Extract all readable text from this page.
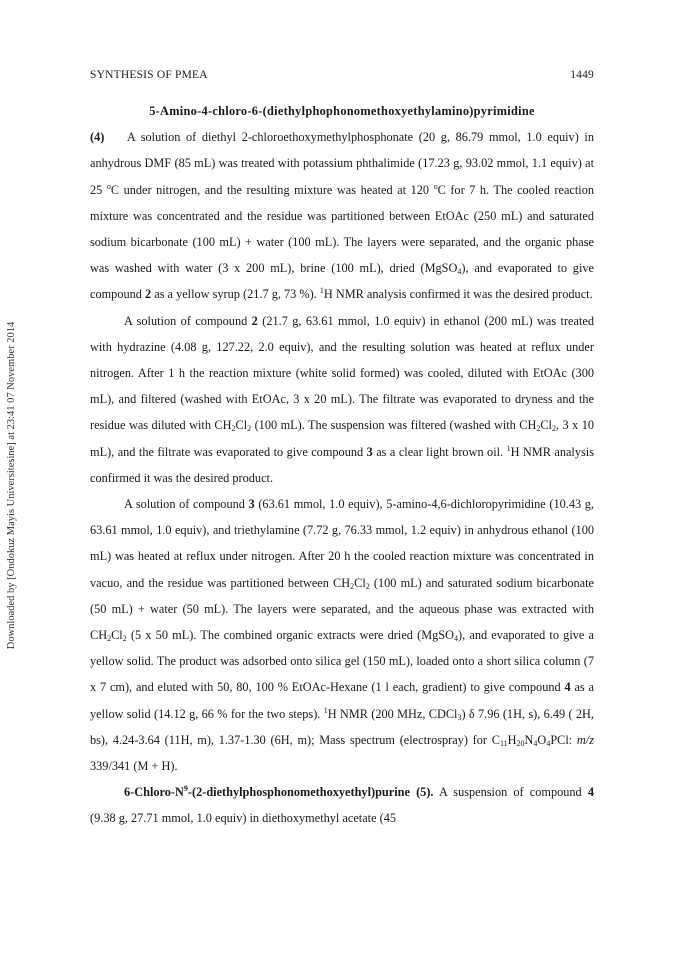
SYNTHESIS OF PMEA	1449
Downloaded by [Ondokuz Mayis Universitesine] at 23:41 07 November 2014

5-Amino-4-chloro-6-(diethylphophonomethoxyethylamino)pyrimidine

(4) A solution of diethyl 2-chloroethoxymethylphosphonate (20 g, 86.79 mmol, 1.0 equiv) in anhydrous DMF (85 mL) was treated with potassium phthalimide (17.23 g, 93.02 mmol, 1.1 equiv) at 25 $^o$C under nitrogen, and the resulting mixture was heated at 120 $^o$C for 7 h. The cooled reaction mixture was concentrated and the residue was partitioned between EtOAc (250 mL) and saturated sodium bicarbonate (100 mL) + water (100 mL). The layers were separated, and the organic phase was washed with water (3 x 200 mL), brine (100 mL), dried (MgSO$_4$), and evaporated to give compound 2 as a yellow syrup (21.7 g, 73 %). $^1$H NMR analysis confirmed it was the desired product.

A solution of compound 2 (21.7 g, 63.61 mmol, 1.0 equiv) in ethanol (200 mL) was treated with hydrazine (4.08 g, 127.22, 2.0 equiv), and the resulting solution was heated at reflux under nitrogen. After 1 h the reaction mixture (white solid formed) was cooled, diluted with EtOAc (300 mL), and filtered (washed with EtOAc, 3 x 20 mL). The filtrate was evaporated to dryness and the residue was diluted with $CH_2Cl_2$ (100 mL). The suspension was filtered (washed with $CH_2Cl_2$, 3 x 10 mL), and the filtrate was evaporated to give compound 3 as a clear light brown oil. $^1$H NMR analysis confirmed it was the desired product.

A solution of compound 3 (63.61 mmol, 1.0 equiv), 5-amino-4,6-dichloropyrimidine (10.43 g, 63.61 mmol, 1.0 equiv), and triethylamine (7.72 g, 76.33 mmol, 1.2 equiv) in anhydrous ethanol (100 mL) was heated at reflux under nitrogen. After 20 h the cooled reaction mixture was concentrated in vacuo, and the residue was partitioned between $CH_2Cl_2$ (100 mL) and saturated sodium bicarbonate (50 mL) + water (50 mL). The layers were separated, and the aqueous phase was extracted with $CH_2Cl_2$ (5 x 50 mL). The combined organic extracts were dried (MgSO$_4$), and evaporated to give a yellow solid. The product was adsorbed onto silica gel (150 mL), loaded onto a short silica column (7 x 7 cm), and eluted with 50, 80, 100 % EtOAc-Hexane (1 l each, gradient) to give compound 4 as a yellow solid (14.12 g, 66 % for the two steps). $^1$H NMR (200 MHz, CDCl$_3$) δ 7.96 (1H, s), 6.49 ( 2H, bs), 4.24-3.64 (11H, m), 1.37-1.30 (6H, m); Mass spectrum (electrospray) for $C_{11}H_{20}N_4O_4PCl$: m/z 339/341 (M + H).

$6-Chloro-N^9-(2-diethylphosphonomethoxyethyl)purine$ (5). A suspension of compound 4 (9.38 g, 27.71 mmol, 1.0 equiv) in diethoxymethyl acetate (45
